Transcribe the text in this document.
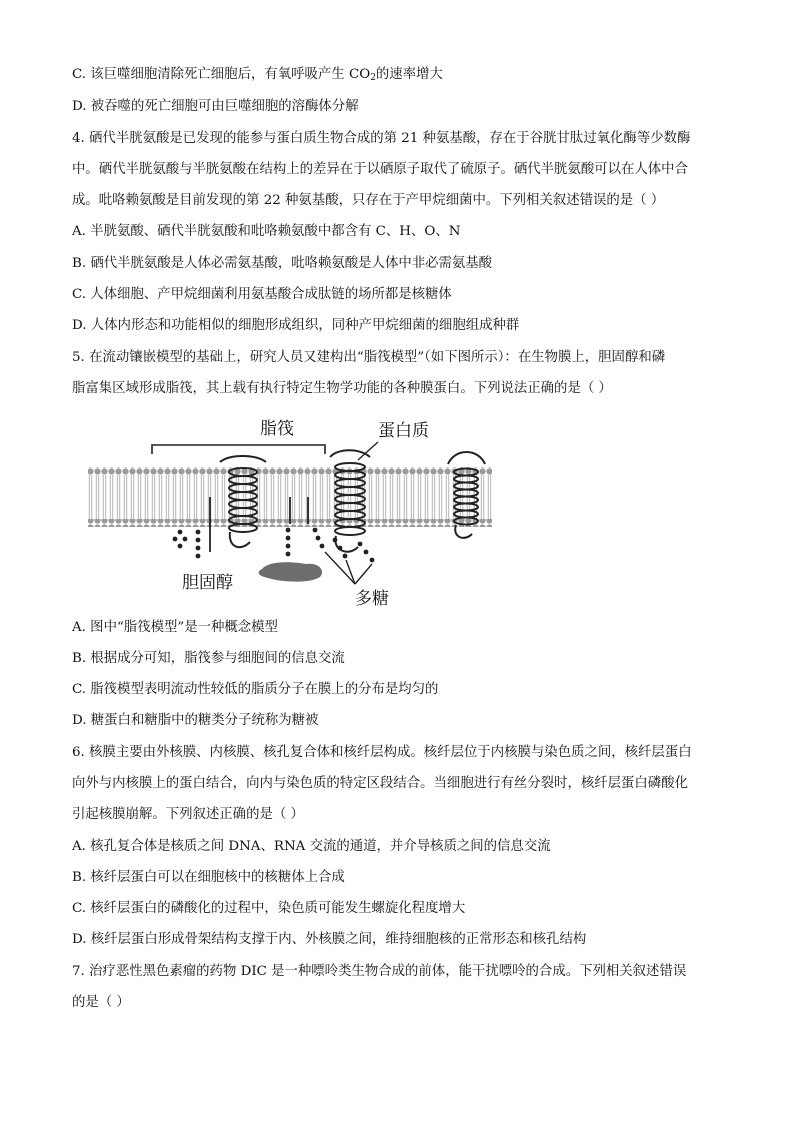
C. 该巨噬细胞清除死亡细胞后，有氧呼吸产生 $CO_2$的速率增大
D. 被吞噬的死亡细胞可由巨噬细胞的溶酶体分解
4. 硒代半胱氨酸是已发现的能参与蛋白质生物合成的第 21 种氨基酸，存在于谷胱甘肽过氧化酶等少数酶
中。硒代半胱氨酸与半胱氨酸在结构上的差异在于以硒原子取代了硫原子。硒代半胱氨酸可以在人体中合
成。吡咯赖氨酸是目前发现的第 22 种氨基酸，只存在于产甲烷细菌中。下列相关叙述错误的是（ ）
A. 半胱氨酸、硒代半胱氨酸和吡咯赖氨酸中都含有 C、H、O、N
B. 硒代半胱氨酸是人体必需氨基酸，吡咯赖氨酸是人体中非必需氨基酸
C. 人体细胞、产甲烷细菌利用氨基酸合成肽链的场所都是核糖体
D. 人体内形态和功能相似的细胞形成组织，同种产甲烷细菌的细胞组成种群
5. 在流动镶嵌模型的基础上，研究人员又建构出“脂筏模型”（如下图所示）：在生物膜上，胆固醇和磷
脂富集区域形成脂筏，其上载有执行特定生物学功能的各种膜蛋白。下列说法正确的是（ ）
脂筏	蛋白质
胆固醇
多糖
A. 图中“脂筏模型”是一种概念模型
B. 根据成分可知，脂筏参与细胞间的信息交流
C. 脂筏模型表明流动性较低的脂质分子在膜上的分布是均匀的
D. 糖蛋白和糖脂中的糖类分子统称为糖被
6. 核膜主要由外核膜、内核膜、核孔复合体和核纤层构成。核纤层位于内核膜与染色质之间，核纤层蛋白
向外与内核膜上的蛋白结合，向内与染色质的特定区段结合。当细胞进行有丝分裂时，核纤层蛋白磷酸化
引起核膜崩解。下列叙述正确的是（ ）
A. 核孔复合体是核质之间 DNA、RNA 交流的通道，并介导核质之间的信息交流
B. 核纤层蛋白可以在细胞核中的核糖体上合成
C. 核纤层蛋白的磷酸化的过程中，染色质可能发生螺旋化程度增大
D. 核纤层蛋白形成骨架结构支撑于内、外核膜之间，维持细胞核的正常形态和核孔结构
7. 治疗恶性黑色素瘤的药物 DIC 是一种嘌呤类生物合成的前体，能干扰嘌呤的合成。下列相关叙述错误
的是（ ）
